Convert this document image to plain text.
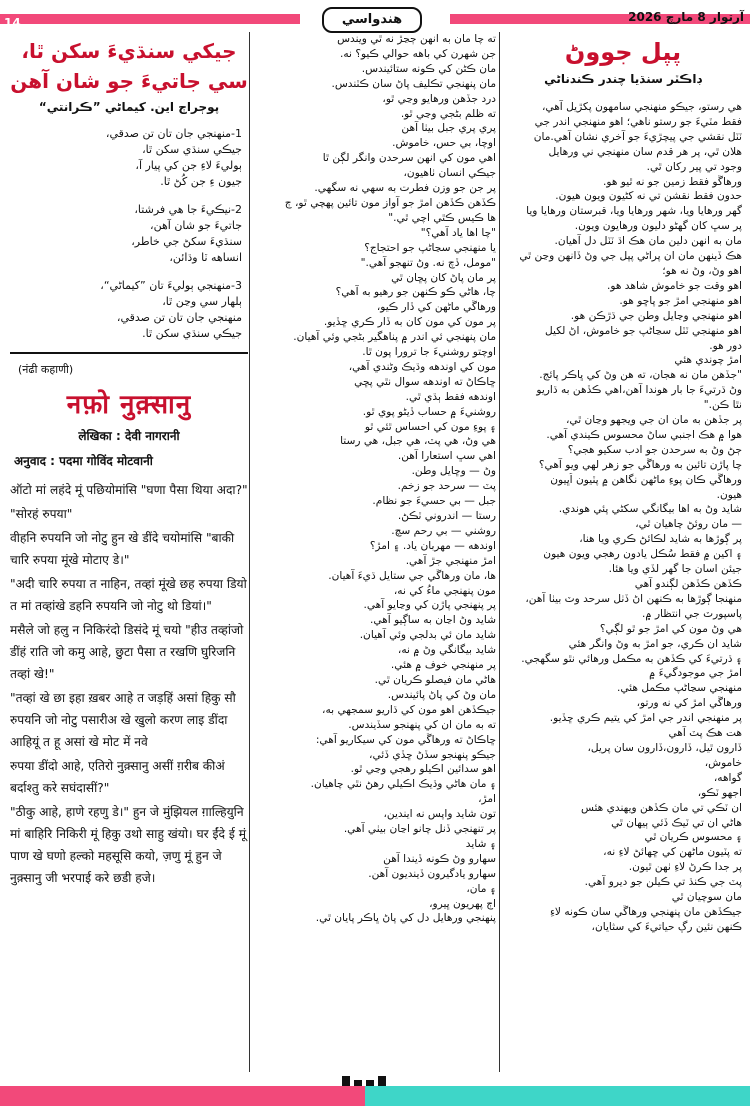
14	هندواسي	آرتوار 8 مارچ 2026
جيکي سنڌيءَ سکن ٿا،
سي جاتيءَ جو شان آهن
پوڄراڄ اين. کيماڻي ”ڪرانتي“
1-منهنجي جان تان تن صدقي،
جيڪي سنڌي سکن ٿا،
ٻوليءَ لاءِ جن کي پيار آ،
جيون ءِ جن کُڻ ٿا.
2-نيڪيءَ جا هي فرشتا،
جاتيءَ جو شان آهن،
سنڌيءَ سکڻ جي خاطر،
انساهه ٽا وڌائن،
3-منهنجي ٻوليءَ تان ”کيماڻي“،
ٻلهار سي وڃن ٿا،
منهنجي جان تان تن صدقي،
جيڪي سنڌي سکن ٿا.
(नंढी कहाणी)
नफ़ो नुक़्सानु
लेखिका : देवी नागरानी
अनुवाद : पदमा गोविंद मोटवानी

ऑटो मां लहंदे मूं पछियोमांसि "घणा पैसा थिया अदा?"

"सोरहं रुपया"

वीहनि रुपयनि जो नोटु हुन खे डींदे चयोमांसि "बाकी चारि रुपया मूंखे मोटाए डे।"

"अदी चारि रुपया त नाहिन, तव्हां मूंखे छह रुपया डियो त मां तव्हांखे डहनि रुपयनि जो नोटु थो डियां।"

मसैले जो हलु न निकिरंदो डिसंदे मूं चयो "हीउ तव्हांजो डींहं राति जो कमु आहे, छुटा पैसा त रखणि घुरिजनि तव्हां खे!"

"तव्हां खे छा इहा ख़बर आहे त जड़हिं असां हिकु सौ रुपयनि जो नोटु पसारीअ खे खुलो करण लाइ डींदा आहियूं त हू असां खे मोट में नवे

रुपया डींदो आहे, एतिरो नुक़्सानु असीं ग़रीब कीअं बर्दाश्तु करे सघंदासीं?"

"ठीकु आहे, हाणे रहणु डे।" हुन जे मुंझियल ग़ाल्हियुनि मां बाहिरि निकिरी मूं हिकु उथो साहु खंयो। घर ईंदे ई मूं पाण खे घणो हल्को महसूसि कयो, ज़णु मूं हुन जे नुक़्सानु जी भरपाई करे छडी हजे।

ته چا مان به انهن ڄڃڙ نه ٿي ويندس
جن شهرن کي باهه حوالي ڪيو؟ نه.
مان ڪڻن کي ڪونه ستائيندس.
مان پنهنجي تڪليف پاڻ سان ڪٽندس.
درد جڏهن ورهايو وڃي ٿو،
ته ظلم بڻجي وڃي ٿو.
پري پري جبل بيٺا آهن
اوچا، بي حس، خاموش.
اهي مون کي انهن سرحدن وانگر لڳن ٿا
جيڪي انسان ٺاهيون،
پر جن جو وزن فطرت به سهي نه سگهي.
ڪڏهن ڪڏهن امڙ جو آواز مون تائين پهچي ٿو، ڄ
ها ڪيس ڪٿي اچي ٿي."
"چا اها ياد آهي؟"
يا منهنجي سڃاڻپ جو احتجاج؟
"مومل، ڏچ نه. وڻ تنهجو آهي."
پر مان پاڻ کان پڇان ٿي
چا، هاڻي ڪو ڪنهن جو رهيو به آهي؟
ورهاڱي ماڻهن کي ڏار ڪيو،
پر مون کي مون کان به ڏار ڪري ڇڏيو.
مان پنهنجي ئي اندر ۾ پناهگير بڻجي وئي آهيان.
اوچتو روشنيءَ جا ترورا پون ٿا.
مون کي اوندهه وڌيڪ وڻندي آهي،
ڇاڪاڻ ته اوندهه سوال نٿي پڇي
اوندهه فقط ٻڌي ٿي.
روشنيءَ ۾ حساب ڏيڻو پوي ٿو.
۽ پوءِ مون کي احساس ٿئي ٿو
هي وڻ، هي پٽ، هي جبل، هي رستا
اهي سڀ استعارا آهن.
وڻ — وڇايل وطن.
پٽ — سرحد جو زخم.
جبل — بي حسيءَ جو نظام.
رستا — اندروني ٽڪڻ.
روشني — بي رحم سچ.
اوندهه — مهربان ياد. ۽ امڙ؟
امڙ منهنجي جڙ آهي.
ها، مان ورهاڱي جي ستايل ڌيءَ آهيان.
مون پنهنجي ماءُ کي نه،
پر پنهنجي پاڙن کي وڃايو آهي.
شايد وڻ اڃان به ساڳيو آهي.
شايد مان ئي بدلجي وئي آهيان.
شايد بيگانگي وڻ ۾ نه،
پر منهنجي خوف ۾ هئي.
هاڻي مان فيصلو ڪريان ٿي.
مان وڻ کي پاڻ پائيندس.
جيڪڏهن اهو مون کي ڌاريو سمجهي به،
ته به مان ان کي پنهنجو سڏيندس.
ڇاڪاڻ ته ورهاڱي مون کي سيکاريو آهي:
جيڪو پنهنجو سڏڻ ڇڏي ڏئي،
اهو سدائين اڪيلو رهجي وڃي ٿو.
۽ مان هاڻي وڌيڪ اڪيلي رهڻ نٿي چاهيان.
امڙ،
تون شايد واپس نه ايندين،
پر تنهنجي ڏنل چانو اڃان بيٺي آهي.
۽ شايد
سهارو وڻ ڪونه ڏيندا آهن
سهارو يادگيرون ڏينديون آهن.
۽ مان،
اڄ پهريون ڀيرو،
پنهنجي ورهايل دل کي پاڻ ڀاڪر پايان ٿي.
پپل جووڻ
ڊاڪٽر سنڌيا چندر ڪندناڻي
هي رستو، جيڪو منهنجي سامهون پکڙيل آهي،
فقط مٽيءَ جو رستو ناهي؛ اهو منهنجي اندر جي
ٽٽل نقشي جي پيچڙيءَ جو آخري نشان آهي.مان
هلان ٿي، پر هر قدم سان منهنجي ني ورهايل
وجود تي پير رکان ٿي.
ورهاڱو فقط زمين جو نه ٿيو هو.
حدون فقط نقشن تي نه کڻيون ويون هيون.
گهر ورهايا ويا، شهر ورهايا ويا، قبرستان ورهايا ويا
پر سڀ کان گهڻو دليون ورهايون ويون.
مان به انهن دلين مان هڪ اڌ ٽٽل دل آهيان.
هڪ ڏينهن مان ان پراڻي پپل جي وڻ ڏانهن وڃن ٿي
اهو وڻ، وڻ نه هو؛
اهو وقت جو خاموش شاهد هو.
اهو منهنجي امڙ جو پاڇو هو.
اهو منهنجي وڃايل وطن جي ڌڙڪن هو.
اهو منهنجي ٽٽل سڃاڻپ جو خاموش، اڻ لکيل
دور هو.
امڙ چوندي هئي
"جڏهن مان نه هجان، ته هن وڻ کي ڀاڪر پائج.
وڻ ڌرتيءَ جا بار هوندا آهن،اهي ڪڏهن به ڌاريو
نٿا ڪن."
پر جڏهن به مان ان جي ويجهو وڃان ٿي،
هوا ۾ هڪ اجنبي ساڻ محسوس ڪيندي آهي.
ڄڻ وڻ به سرحدن جو ادب سکيو هجي؟
چا پاڙن تائين به ورهاڱي جو زهر لهي ويو آهي؟
ورهاڱي ڪان پوءِ ماڻهن نگاهن ۾ پٽيون اُڀيون
هيون.
شايد وڻ به اها بيگانگي سکڻي پئي هوندي.
— مان روئڻ چاهيان ٿي،
پر ڳوڙها به شايد لڪائڻ ڪري ويا هنا،
۽ اکين ۾ فقط سُڪل يادون رهجي ويون هيون
جيئن اسان جا گهر لڏي ويا هئا.
ڪڏهن ڪڏهن لڳندو آهي
منهنجا ڳوڙها به ڪنهن اڻ ڏٺل سرحد وٽ بيٺا آهن،
پاسپورٽ جي انتظار ۾.
هي وڻ مون کي امڙ جو ٿو لڳي؟
شايد ان ڪري، جو امڙ به وڻ وانگر هئي
۽ ڌرتيءَ کي ڪڏهن به مڪمل ورهائي نٿو سگهجي.
امڙ جي موجودگيءَ ۾
منهنجي سڃاڻپ مڪمل هئي.
ورهاڱي امڙ کي نه ورتو،
پر منهنجي اندر جي امڙ کي يتيم ڪري ڇڏيو.
هت هڪ پٽ آهي
ڏارون ٿيل، ڏارون،ڏارون سان پريل،
خاموش،
گواهه،
اجهو ٽڪو،
ان ٽڪي تي مان ڪڏهن ويهندي هئس
هاڻي ان تي ٽيڪ ڏئي ٻيهان ٿي
۽ محسوس ڪريان ٿي
ته پٽيون ماڻهن کي ڇهائڻ لاءِ نه،
پر جدا ڪرڻ لاءِ ٺهن ٿيون.
پٽ جي ڪنڌ تي ڪيلن جو ديرو آهي.
مان سوچيان ٿي
جيڪڏهن مان پنهنجي ورهاڱي سان ڪونه لاءِ
ڪنهن نئين رڳ حياتيءَ کي سثايان،
